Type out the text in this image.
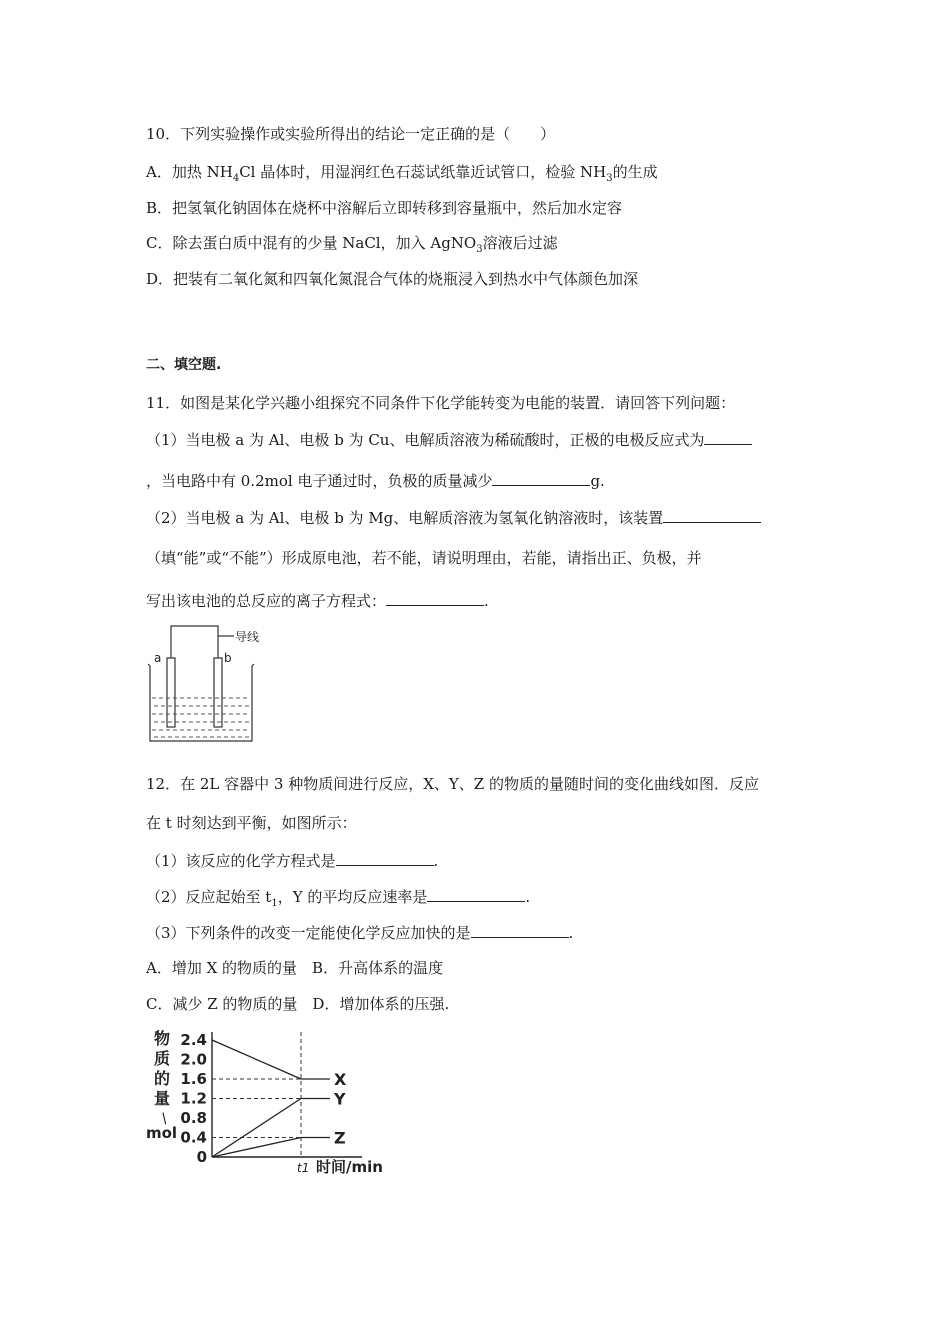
10．下列实验操作或实验所得出的结论一定正确的是（　　）
A．加热 $NH_4Cl$ 晶体时，用湿润红色石蕊试纸靠近试管口，检验 $NH_3$的生成
B．把氢氧化钠固体在烧杯中溶解后立即转移到容量瓶中，然后加水定容
C．除去蛋白质中混有的少量 NaCl，加入 AgNO$_3$溶液后过滤
D．把装有二氧化氮和四氧化氮混合气体的烧瓶浸入到热水中气体颜色加深
二、填空题.
11．如图是某化学兴趣小组探究不同条件下化学能转变为电能的装置．请回答下列问题：
（1）当电极 a 为 Al、电极 b 为 Cu、电解质溶液为稀硫酸时，正极的电极反应式为
，当电路中有 0.2mol 电子通过时，负极的质量减少	g.
（2）当电极 a 为 Al、电极 b 为 Mg、电解质溶液为氢氧化钠溶液时，该装置
（填“能”或“不能”）形成原电池，若不能，请说明理由，若能，请指出正、负极，并
写出该电池的总反应的离子方程式：	.
导线
a	b
12．在 2L 容器中 3 种物质间进行反应，X、Y、Z 的物质的量随时间的变化曲线如图．反应
在 t 时刻达到平衡，如图所示：
（1）该反应的化学方程式是	.
（2）反应起始至 $t_1$，Y 的平均反应速率是	.
（3）下列条件的改变一定能使化学反应加快的是	.
A．增加 X 的物质的量　B．升高体系的温度
C．减少 Z 的物质的量　D．增加体系的压强.
物
质
的
量
/
mol
2.4
2.0
1.6
1.2
0.8
0.4
0
t1 时间/min
X
Y
Z
